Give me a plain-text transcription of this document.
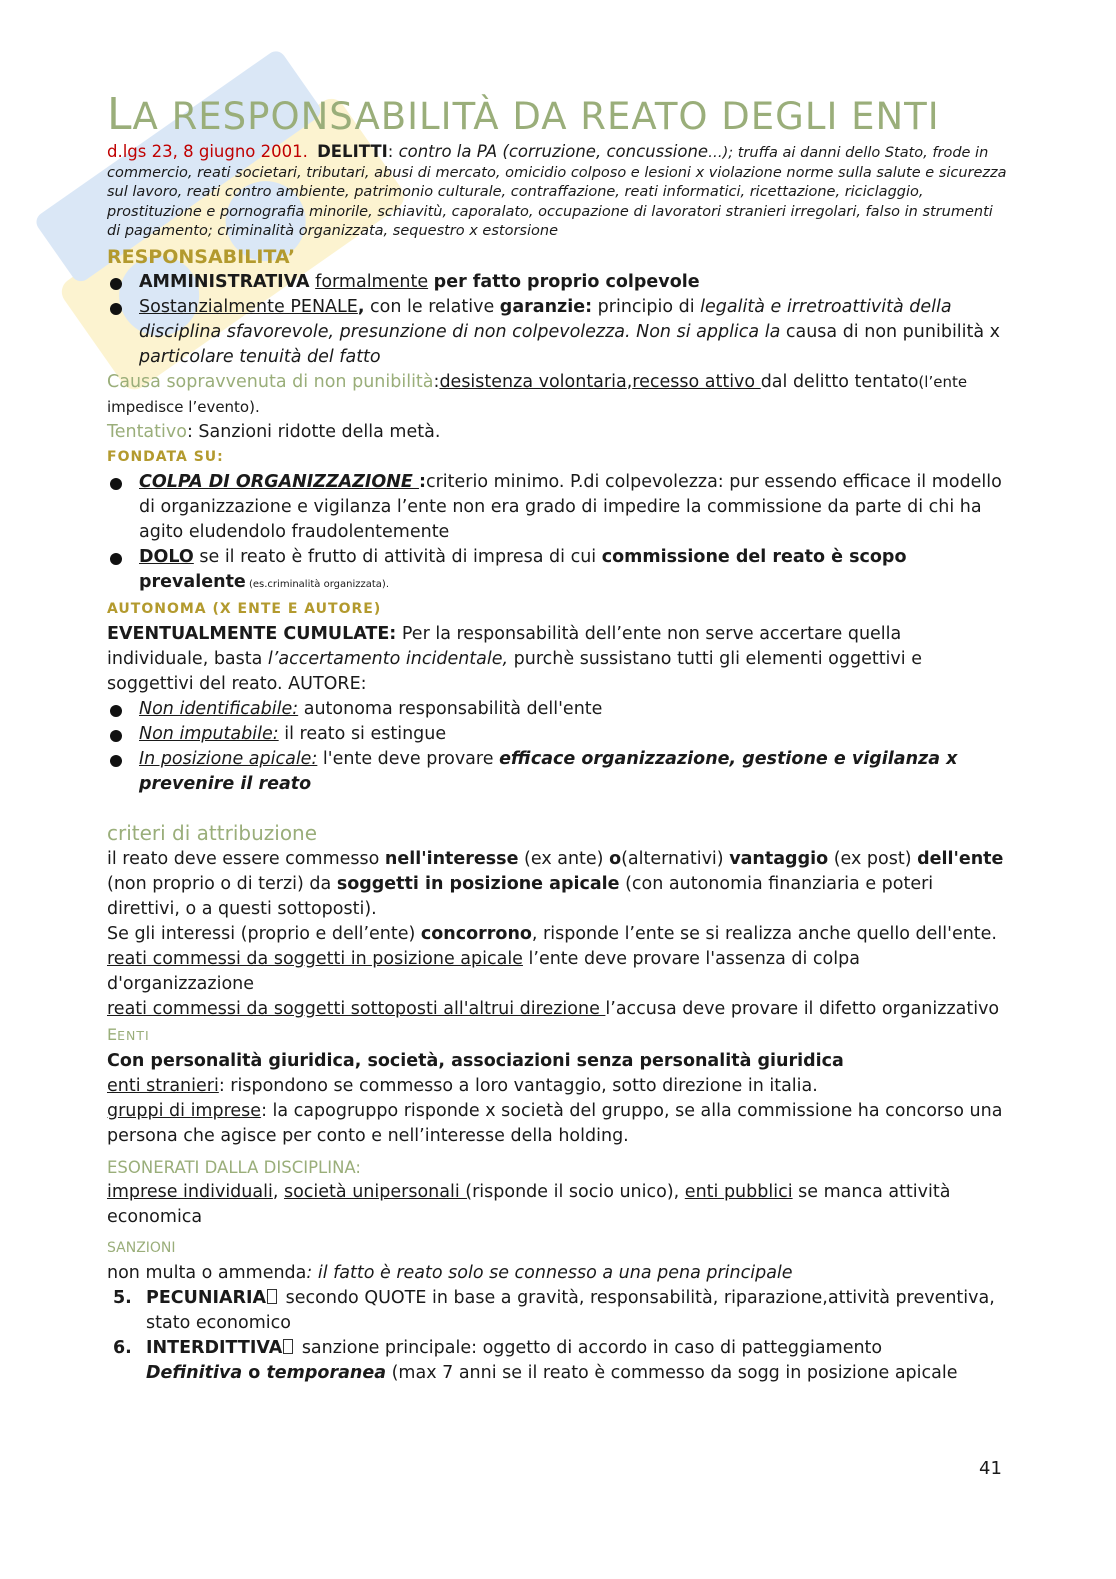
LA RESPONSABILITÀ DA REATO DEGLI ENTI
d.lgs 23, 8 giugno 2001. DELITTI: contro la PA (corruzione, concussione…); truffa ai danni dello Stato, frode in commercio, reati societari, tributari, abusi di mercato, omicidio colposo e lesioni x violazione norme sulla salute e sicurezza sul lavoro, reati contro ambiente, patrimonio culturale, contraffazione, reati informatici, ricettazione, riciclaggio, prostituzione e pornografia minorile, schiavitù, caporalato, occupazione di lavoratori stranieri irregolari, falso in strumenti di pagamento; criminalità organizzata, sequestro x estorsione
RESPONSABILITA’
AMMINISTRATIVA formalmente per fatto proprio colpevole
Sostanzialmente PENALE, con le relative garanzie: principio di legalità e irretroattività della disciplina sfavorevole, presunzione di non colpevolezza. Non si applica la causa di non punibilità x particolare tenuità del fatto
Causa sopravvenuta di non punibilità:desistenza volontaria,recesso attivo dal delitto tentato(l’ente impedisce l’evento).
Tentativo: Sanzioni ridotte della metà.
FONDATA SU:
COLPA DI ORGANIZZAZIONE :criterio minimo. P.di colpevolezza: pur essendo efficace il modello di organizzazione e vigilanza l’ente non era grado di impedire la commissione da parte di chi ha agito eludendolo fraudolentemente
DOLO se il reato è frutto di attività di impresa di cui commissione del reato è scopo prevalente (es.criminalità organizzata).
AUTONOMA (X ENTE E AUTORE)
EVENTUALMENTE CUMULATE: Per la responsabilità dell’ente non serve accertare quella individuale, basta l’accertamento incidentale, purchè sussistano tutti gli elementi oggettivi e soggettivi del reato. AUTORE:
Non identificabile: autonoma responsabilità dell'ente
Non imputabile: il reato si estingue
In posizione apicale: l'ente deve provare efficace organizzazione, gestione e vigilanza x prevenire il reato
criteri di attribuzione
il reato deve essere commesso nell'interesse (ex ante) o(alternativi) vantaggio (ex post) dell'ente (non proprio o di terzi) da soggetti in posizione apicale (con autonomia finanziaria e poteri direttivi, o a questi sottoposti).
Se gli interessi (proprio e dell’ente) concorrono, risponde l’ente se si realizza anche quello dell'ente.
reati commessi da soggetti in posizione apicale l’ente deve provare l'assenza di colpa d'organizzazione
reati commessi da soggetti sottoposti all'altrui direzione l’accusa deve provare il difetto organizzativo
EENTI
Con personalità giuridica, società, associazioni senza personalità giuridica
enti stranieri: rispondono se commesso a loro vantaggio, sotto direzione in italia.
gruppi di imprese: la capogruppo risponde x società del gruppo, se alla commissione ha concorso una persona che agisce per conto e nell’interesse della holding.
ESONERATI DALLA DISCIPLINA:
imprese individuali, società unipersonali (risponde il socio unico), enti pubblici se manca attività economica
SANZIONI
non multa o ammenda: il fatto è reato solo se connesso a una pena principale
5. PECUNIARIA secondo QUOTE in base a gravità, responsabilità, riparazione,attività preventiva, stato economico
6. INTERDITTIVA sanzione principale: oggetto di accordo in caso di patteggiamento
Definitiva o temporanea (max 7 anni se il reato è commesso da sogg in posizione apicale
41
